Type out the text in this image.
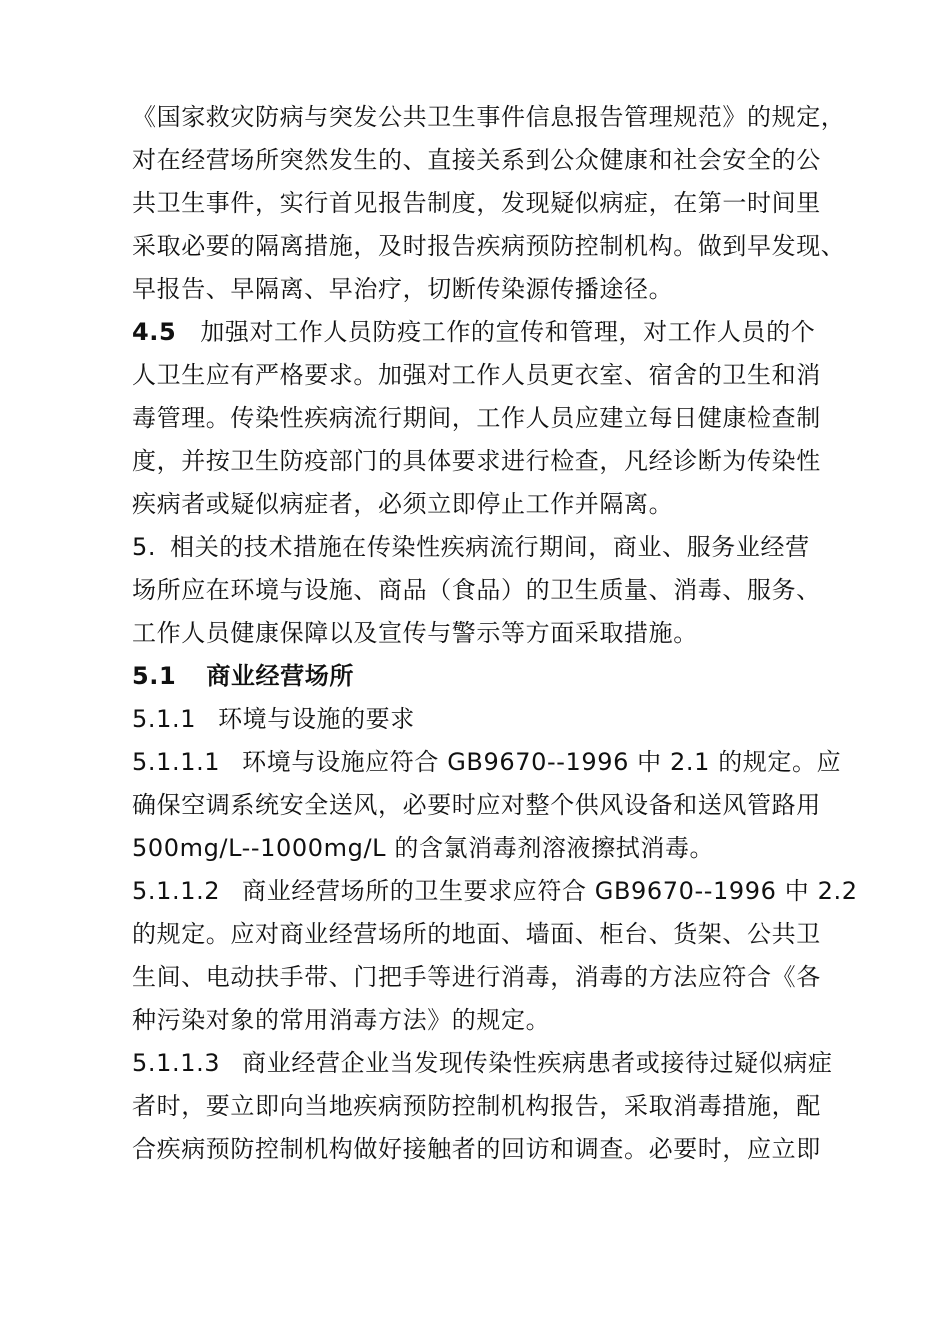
《国家救灾防病与突发公共卫生事件信息报告管理规范》的规定，
对在经营场所突然发生的、直接关系到公众健康和社会安全的公
共卫生事件，实行首见报告制度，发现疑似病症，在第一时间里
采取必要的隔离措施，及时报告疾病预防控制机构。做到早发现、
早报告、早隔离、早治疗，切断传染源传播途径。
4.5 加强对工作人员防疫工作的宣传和管理，对工作人员的个
人卫生应有严格要求。加强对工作人员更衣室、宿舍的卫生和消
毒管理。传染性疾病流行期间，工作人员应建立每日健康检查制
度，并按卫生防疫部门的具体要求进行检查，凡经诊断为传染性
疾病者或疑似病症者，必须立即停止工作并隔离。
5. 相关的技术措施在传染性疾病流行期间，商业、服务业经营
场所应在环境与设施、商品（食品）的卫生质量、消毒、服务、
工作人员健康保障以及宣传与警示等方面采取措施。
5.1 商业经营场所
5.1.1 环境与设施的要求
5.1.1.1 环境与设施应符合 GB9670--1996 中 2.1 的规定。应
确保空调系统安全送风，必要时应对整个供风设备和送风管路用
500mg/L--1000mg/L 的含氯消毒剂溶液擦拭消毒。
5.1.1.2 商业经营场所的卫生要求应符合 GB9670--1996 中 2.2
的规定。应对商业经营场所的地面、墙面、柜台、货架、公共卫
生间、电动扶手带、门把手等进行消毒，消毒的方法应符合《各
种污染对象的常用消毒方法》的规定。
5.1.1.3 商业经营企业当发现传染性疾病患者或接待过疑似病症
者时，要立即向当地疾病预防控制机构报告，采取消毒措施，配
合疾病预防控制机构做好接触者的回访和调查。必要时，应立即
